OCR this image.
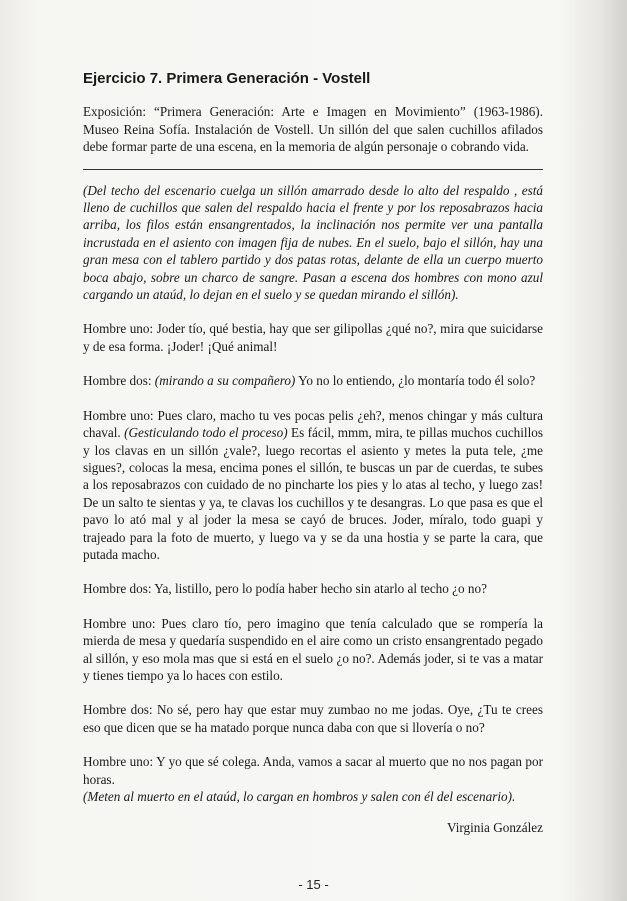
Ejercicio 7. Primera Generación - Vostell

Exposición: “Primera Generación: Arte e Imagen en Movimiento” (1963-1986). Museo Reina Sofía. Instalación de Vostell. Un sillón del que salen cuchillos afilados debe formar parte de una escena, en la memoria de algún personaje o cobrando vida.

(Del techo del escenario cuelga un sillón amarrado desde lo alto del respaldo , está lleno de cuchillos que salen del respaldo hacia el frente y por los reposabrazos hacia arriba, los filos están ensangrentados, la inclinación nos permite ver una pantalla incrustada en el asiento con imagen fija de nubes. En el suelo, bajo el sillón, hay una gran mesa con el tablero partido y dos patas rotas, delante de ella un cuerpo muerto boca abajo, sobre un charco de sangre. Pasan a escena dos hombres con mono azul cargando un ataúd, lo dejan en el suelo y se quedan mirando el sillón).

Hombre uno: Joder tío, qué bestia, hay que ser gilipollas ¿qué no?, mira que suicidarse y de esa forma. ¡Joder! ¡Qué animal!

Hombre dos: (mirando a su compañero) Yo no lo entiendo, ¿lo montaría todo él solo?

Hombre uno: Pues claro, macho tu ves pocas pelis ¿eh?, menos chingar y más cultura chaval. (Gesticulando todo el proceso) Es fácil, mmm, mira, te pillas muchos cuchillos y los clavas en un sillón ¿vale?, luego recortas el asiento y metes la puta tele, ¿me sigues?, colocas la mesa, encima pones el sillón, te buscas un par de cuerdas, te subes a los reposabrazos con cuidado de no pincharte los pies y lo atas al techo, y luego zas! De un salto te sientas y ya, te clavas los cuchillos y te desangras. Lo que pasa es que el pavo lo ató mal y al joder la mesa se cayó de bruces. Joder, míralo, todo guapi y trajeado para la foto de muerto, y luego va y se da una hostia y se parte la cara, que putada macho.

Hombre dos: Ya, listillo, pero lo podía haber hecho sin atarlo al techo ¿o no?

Hombre uno: Pues claro tío, pero imagino que tenía calculado que se rompería la mierda de mesa y quedaría suspendido en el aire como un cristo ensangrentado pegado al sillón, y eso mola mas que si está en el suelo ¿o no?. Además joder, si te vas a matar y tienes tiempo ya lo haces con estilo.

Hombre dos: No sé, pero hay que estar muy zumbao no me jodas. Oye, ¿Tu te crees eso que dicen que se ha matado porque nunca daba con que si llovería o no?

Hombre uno: Y yo que sé colega. Anda, vamos a sacar al muerto que no nos pagan por horas.

(Meten al muerto en el ataúd, lo cargan en hombros y salen con él del escenario).

Virginia González
- 15 -
